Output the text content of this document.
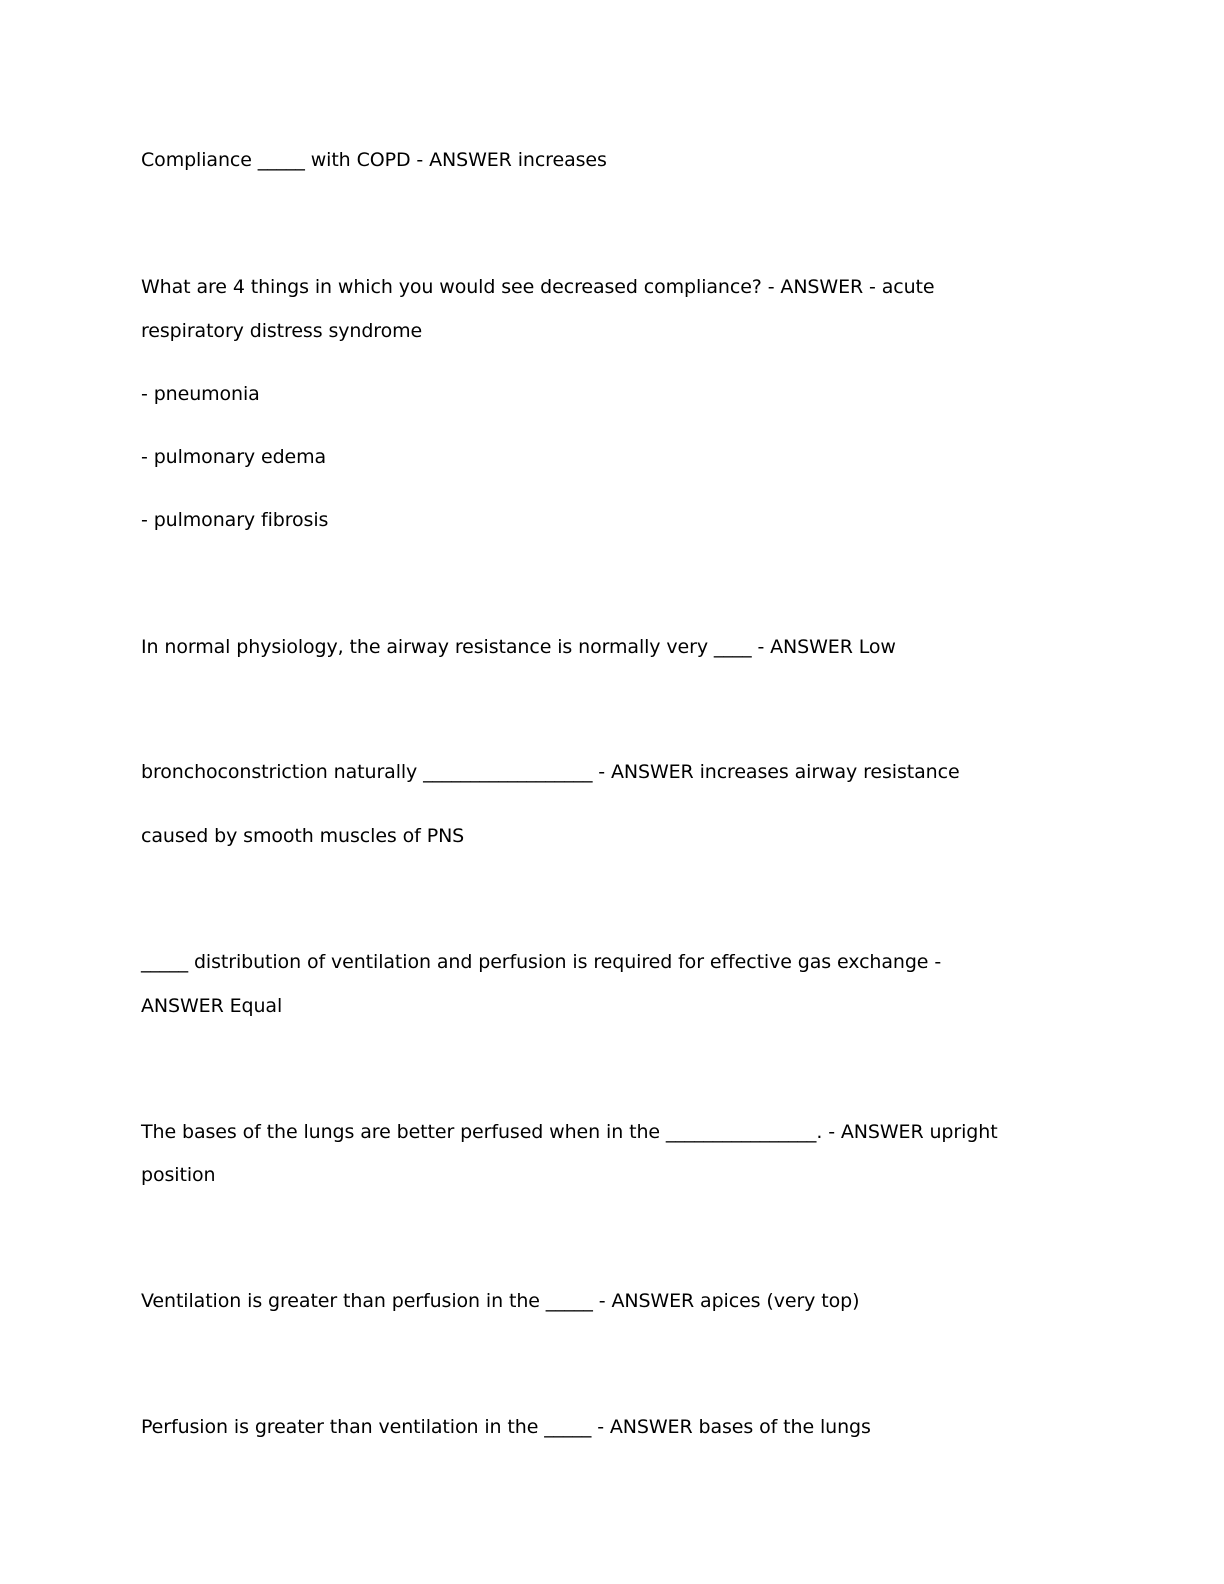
Compliance _____ with COPD - ANSWER increases

What are 4 things in which you would see decreased compliance? - ANSWER - acute

respiratory distress syndrome

- pneumonia

- pulmonary edema

- pulmonary fibrosis

In normal physiology, the airway resistance is normally very ____ - ANSWER Low

bronchoconstriction naturally __________________ - ANSWER increases airway resistance

caused by smooth muscles of PNS

_____ distribution of ventilation and perfusion is required for effective gas exchange -

ANSWER Equal

The bases of the lungs are better perfused when in the ________________. - ANSWER upright

position

Ventilation is greater than perfusion in the _____ - ANSWER apices (very top)

Perfusion is greater than ventilation in the _____ - ANSWER bases of the lungs
